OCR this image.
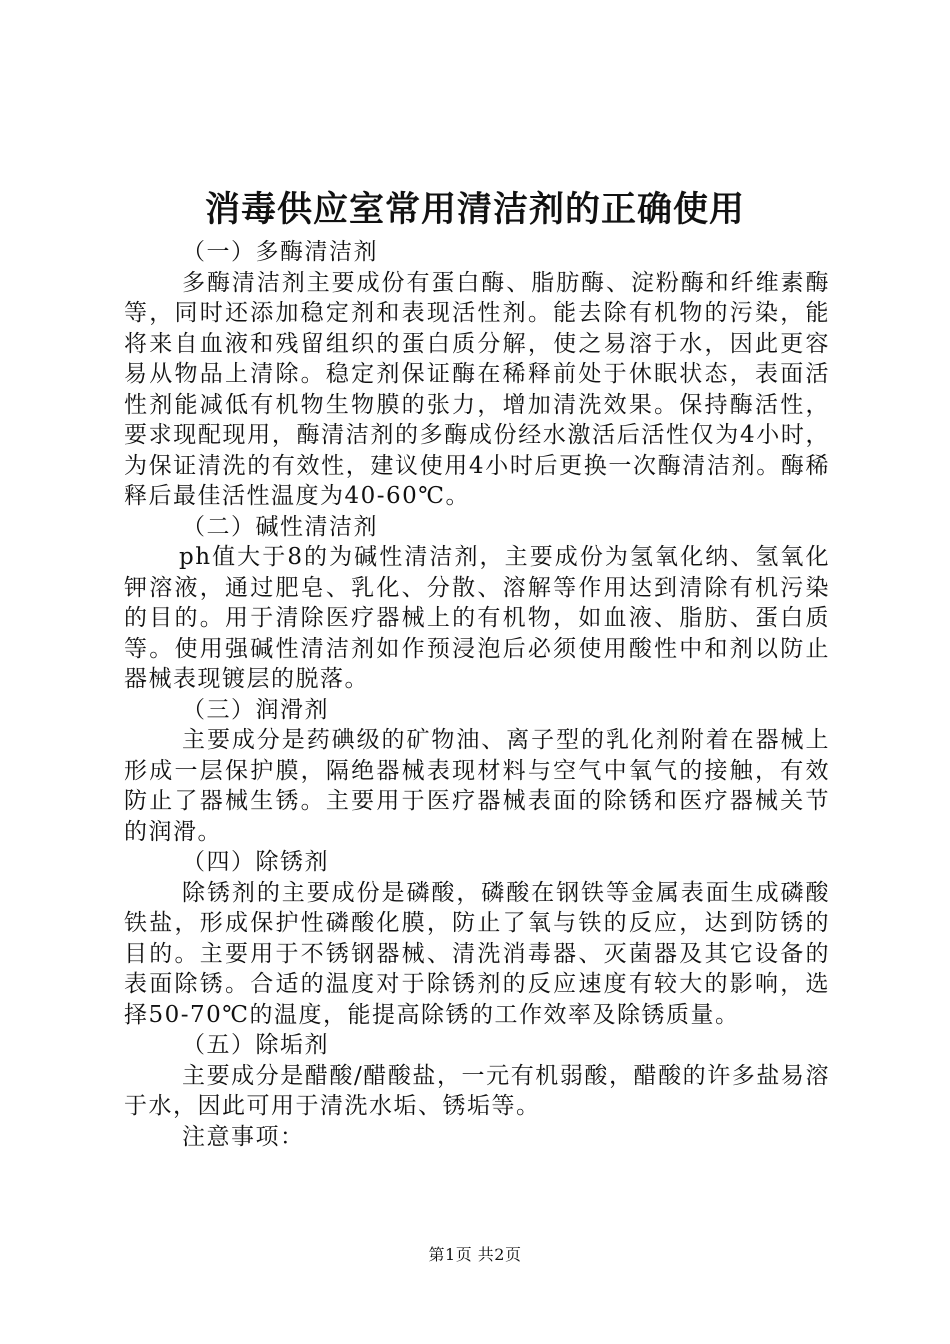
消毒供应室常用清洁剂的正确使用

（一）多酶清洁剂

多酶清洁剂主要成份有蛋白酶、脂肪酶、淀粉酶和纤维素酶等，同时还添加稳定剂和表现活性剂。能去除有机物的污染，能将来自血液和残留组织的蛋白质分解，使之易溶于水，因此更容易从物品上清除。稳定剂保证酶在稀释前处于休眠状态，表面活性剂能减低有机物生物膜的张力，增加清洗效果。保持酶活性，要求现配现用，酶清洁剂的多酶成份经水激活后活性仅为4小时，为保证清洗的有效性，建议使用4小时后更换一次酶清洁剂。酶稀释后最佳活性温度为40-60℃。

（二）碱性清洁剂

ph值大于8的为碱性清洁剂，主要成份为氢氧化纳、氢氧化钾溶液，通过肥皂、乳化、分散、溶解等作用达到清除有机污染的目的。用于清除医疗器械上的有机物，如血液、脂肪、蛋白质等。使用强碱性清洁剂如作预浸泡后必须使用酸性中和剂以防止器械表现镀层的脱落。

（三）润滑剂

主要成分是药碘级的矿物油、离子型的乳化剂附着在器械上形成一层保护膜，隔绝器械表现材料与空气中氧气的接触，有效防止了器械生锈。主要用于医疗器械表面的除锈和医疗器械关节的润滑。

（四）除锈剂

除锈剂的主要成份是磷酸，磷酸在钢铁等金属表面生成磷酸铁盐，形成保护性磷酸化膜，防止了氧与铁的反应，达到防锈的目的。主要用于不锈钢器械、清洗消毒器、灭菌器及其它设备的表面除锈。合适的温度对于除锈剂的反应速度有较大的影响，选择50-70℃的温度，能提高除锈的工作效率及除锈质量。

（五）除垢剂

主要成分是醋酸/醋酸盐，一元有机弱酸，醋酸的许多盐易溶于水，因此可用于清洗水垢、锈垢等。

注意事项：

第1页 共2页
